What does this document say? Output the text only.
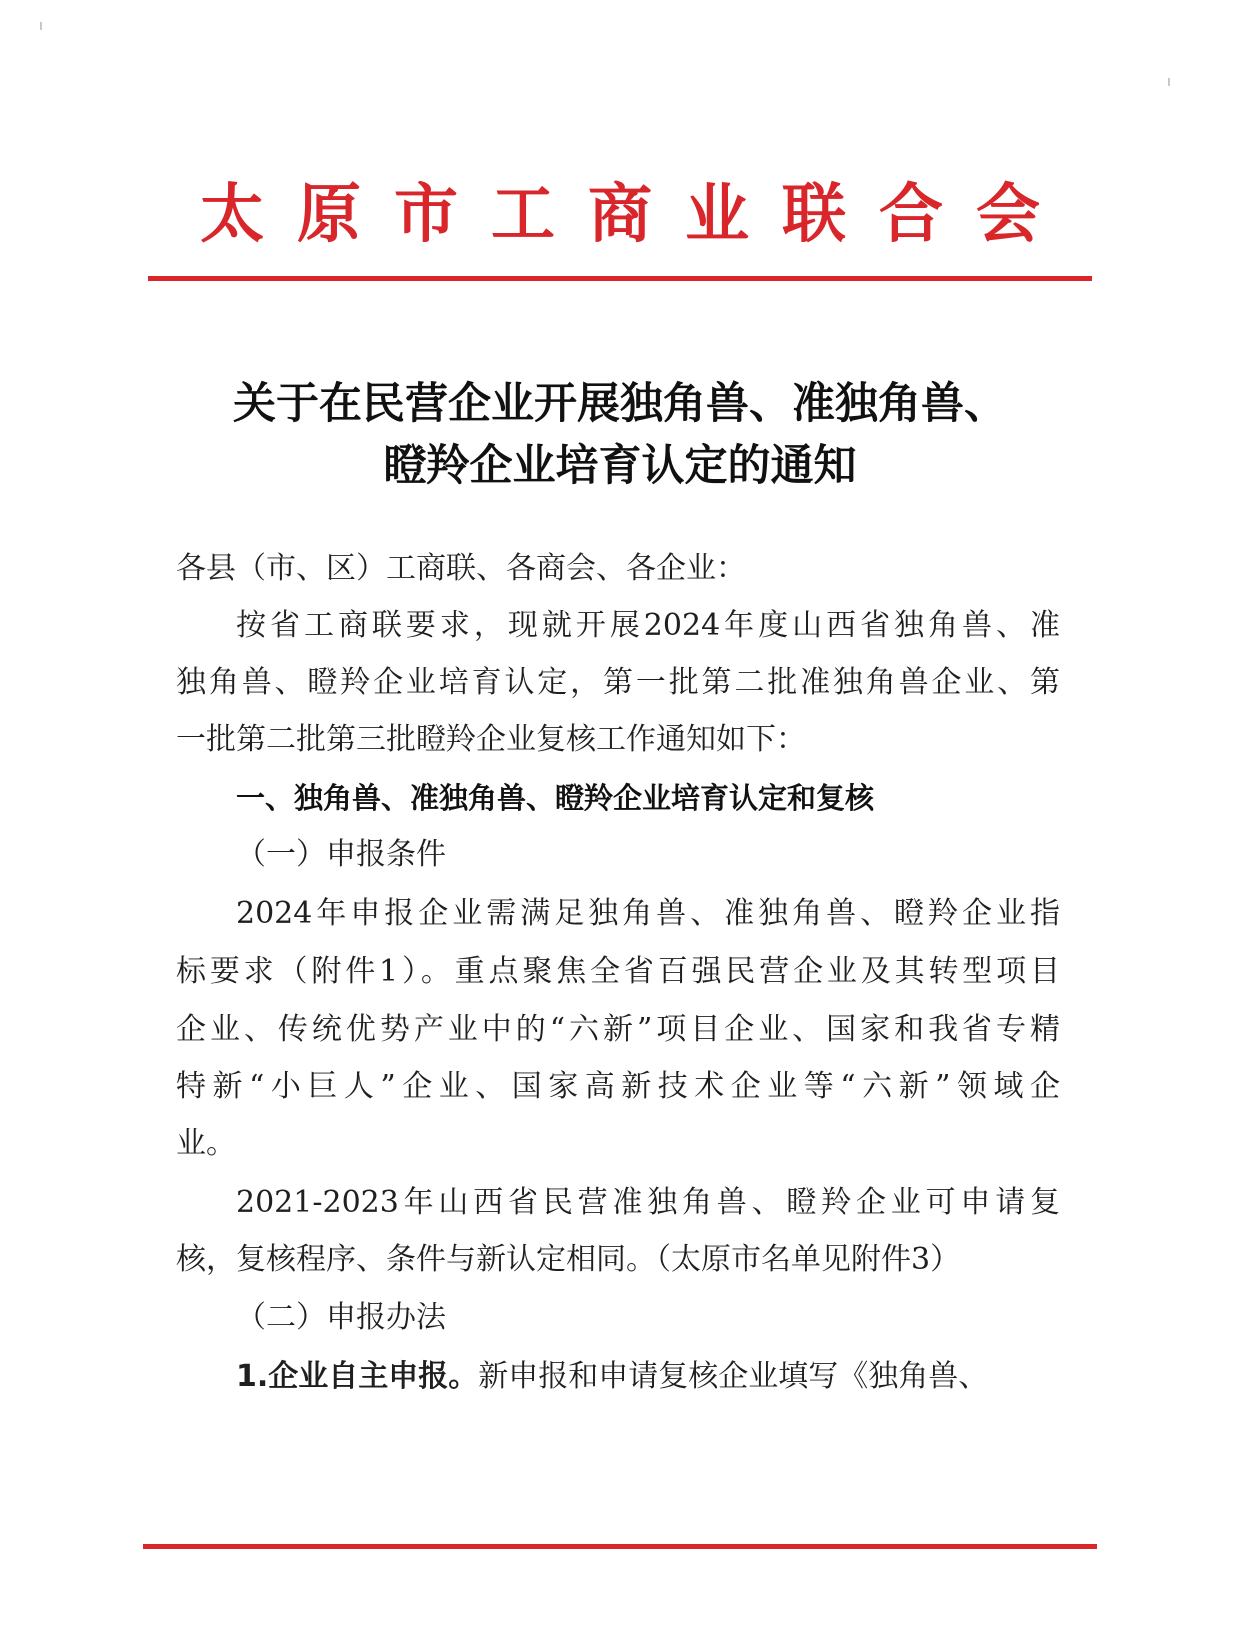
太 原 市 工 商 业 联 合 会
关于在民营企业开展独角兽、准独角兽、
瞪羚企业培育认定的通知
各县（市、区）工商联、各商会、各企业：
按省工商联要求，现就开展2024年度山西省独角兽、准
独角兽、瞪羚企业培育认定，第一批第二批准独角兽企业、第
一批第二批第三批瞪羚企业复核工作通知如下：
一、独角兽、准独角兽、瞪羚企业培育认定和复核
（一）申报条件
2024年申报企业需满足独角兽、准独角兽、瞪羚企业指
标要求（附件1）。重点聚焦全省百强民营企业及其转型项目
企业、传统优势产业中的“六新”项目企业、国家和我省专精
特新“小巨人”企业、国家高新技术企业等“六新”领域企
业。
2021-2023年山西省民营准独角兽、瞪羚企业可申请复
核，复核程序、条件与新认定相同。（太原市名单见附件3）
（二）申报办法
1.企业自主申报。新申报和申请复核企业填写《独角兽、
